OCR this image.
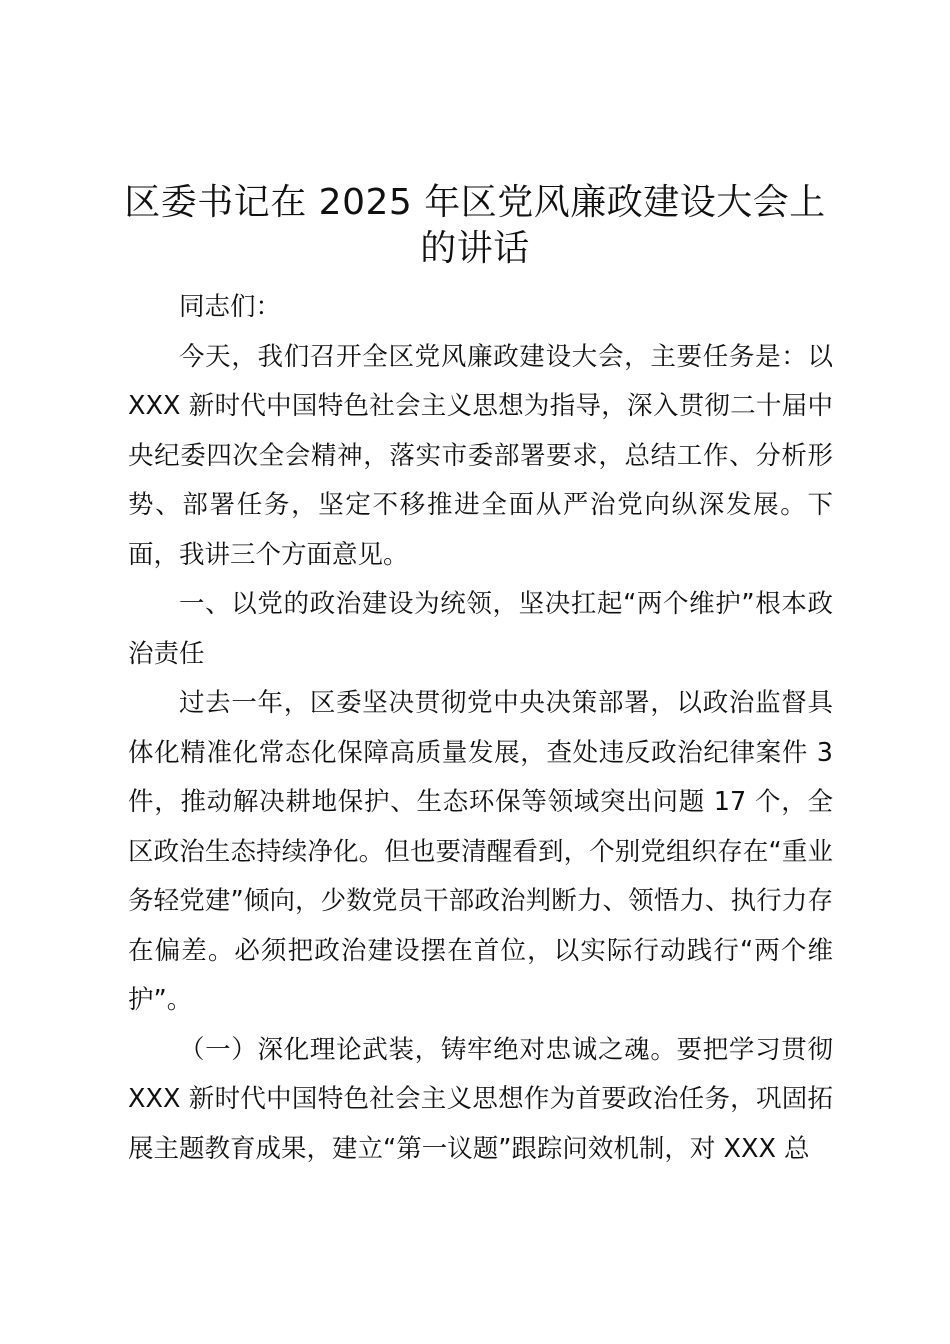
区委书记在 2025 年区党风廉政建设大会上的讲话

同志们：

今天，我们召开全区党风廉政建设大会，主要任务是：以XXX 新时代中国特色社会主义思想为指导，深入贯彻二十届中央纪委四次全会精神，落实市委部署要求，总结工作、分析形势、部署任务，坚定不移推进全面从严治党向纵深发展。下面，我讲三个方面意见。

一、以党的政治建设为统领，坚决扛起“两个维护”根本政治责任

过去一年，区委坚决贯彻党中央决策部署，以政治监督具体化精准化常态化保障高质量发展，查处违反政治纪律案件 3 件，推动解决耕地保护、生态环保等领域突出问题 17 个，全区政治生态持续净化。但也要清醒看到，个别党组织存在“重业务轻党建”倾向，少数党员干部政治判断力、领悟力、执行力存在偏差。必须把政治建设摆在首位，以实际行动践行“两个维护”。

（一）深化理论武装，铸牢绝对忠诚之魂。要把学习贯彻XXX 新时代中国特色社会主义思想作为首要政治任务，巩固拓展主题教育成果，建立“第一议题”跟踪问效机制，对 XXX 总
